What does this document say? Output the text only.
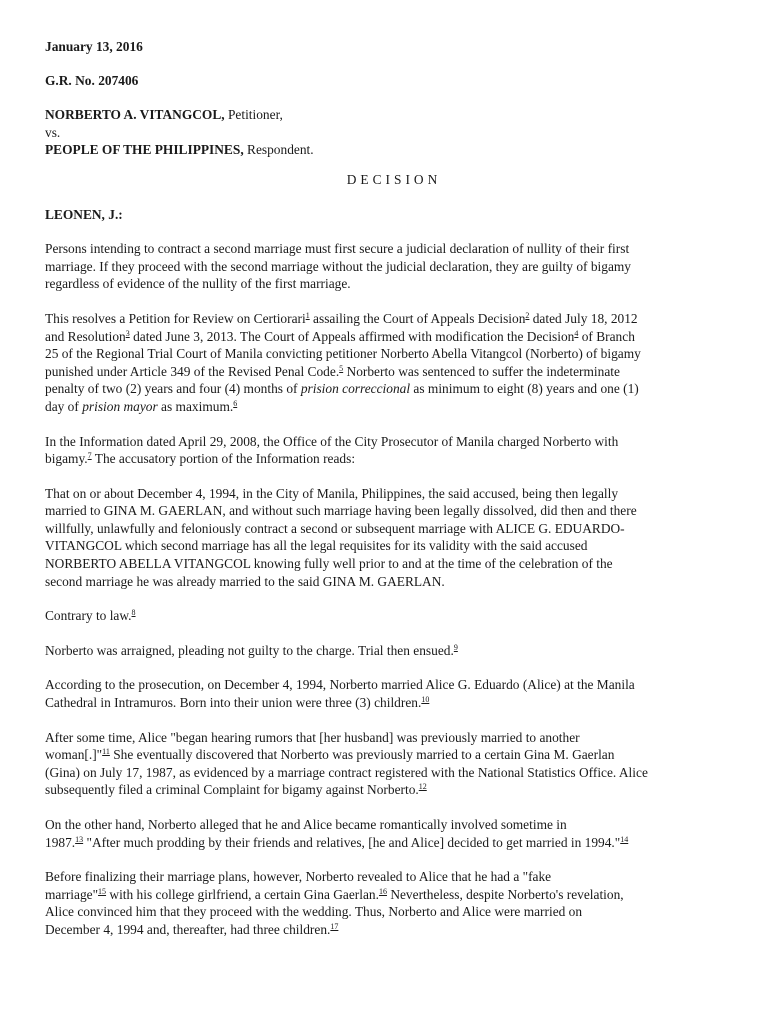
January 13, 2016
G.R. No. 207406
NORBERTO A. VITANGCOL, Petitioner,
vs.
PEOPLE OF THE PHILIPPINES, Respondent.
DECISION
LEONEN, J.:

Persons intending to contract a second marriage must first secure a judicial declaration of nullity of their first
marriage. If they proceed with the second marriage without the judicial declaration, they are guilty of bigamy
regardless of evidence of the nullity of the first marriage.

This resolves a Petition for Review on Certiorari$^1$ assailing the Court of Appeals Decision$^2$ dated July 18, 2012
and Resolution$^3$ dated June 3, 2013. The Court of Appeals affirmed with modification the Decision$^4$ of Branch
25 of the Regional Trial Court of Manila convicting petitioner Norberto Abella Vitangcol (Norberto) of bigamy
punished under Article 349 of the Revised Penal Code.$^5$ Norberto was sentenced to suffer the indeterminate
penalty of two (2) years and four (4) months of prision correccional as minimum to eight (8) years and one (1)
day of prision mayor as maximum.$^6$

In the Information dated April 29, 2008, the Office of the City Prosecutor of Manila charged Norberto with
bigamy.$^7$ The accusatory portion of the Information reads:

That on or about December 4, 1994, in the City of Manila, Philippines, the said accused, being then legally
married to GINA M. GAERLAN, and without such marriage having been legally dissolved, did then and there
willfully, unlawfully and feloniously contract a second or subsequent marriage with ALICE G. EDUARDO-
VITANGCOL which second marriage has all the legal requisites for its validity with the said accused
NORBERTO ABELLA VITANGCOL knowing fully well prior to and at the time of the celebration of the
second marriage he was already married to the said GINA M. GAERLAN.

Contrary to law.$^8$

Norberto was arraigned, pleading not guilty to the charge. Trial then ensued.$^9$

According to the prosecution, on December 4, 1994, Norberto married Alice G. Eduardo (Alice) at the Manila
Cathedral in Intramuros. Born into their union were three (3) children.$^{10}$

After some time, Alice "began hearing rumors that [her husband] was previously married to another
woman[.]"$^{11}$ She eventually discovered that Norberto was previously married to a certain Gina M. Gaerlan
(Gina) on July 17, 1987, as evidenced by a marriage contract registered with the National Statistics Office. Alice
subsequently filed a criminal Complaint for bigamy against Norberto.$^{12}$

On the other hand, Norberto alleged that he and Alice became romantically involved sometime in
1987.13 "After much prodding by their friends and relatives, [he and Alice] decided to get married in 1994."$^{14}$

Before finalizing their marriage plans, however, Norberto revealed to Alice that he had a "fake
marriage"$^{15}$ with his college girlfriend, a certain Gina Gaerlan.$^{16}$ Nevertheless, despite Norberto's revelation,
Alice convinced him that they proceed with the wedding. Thus, Norberto and Alice were married on
December 4, 1994 and, thereafter, had three children.$^{17}$
